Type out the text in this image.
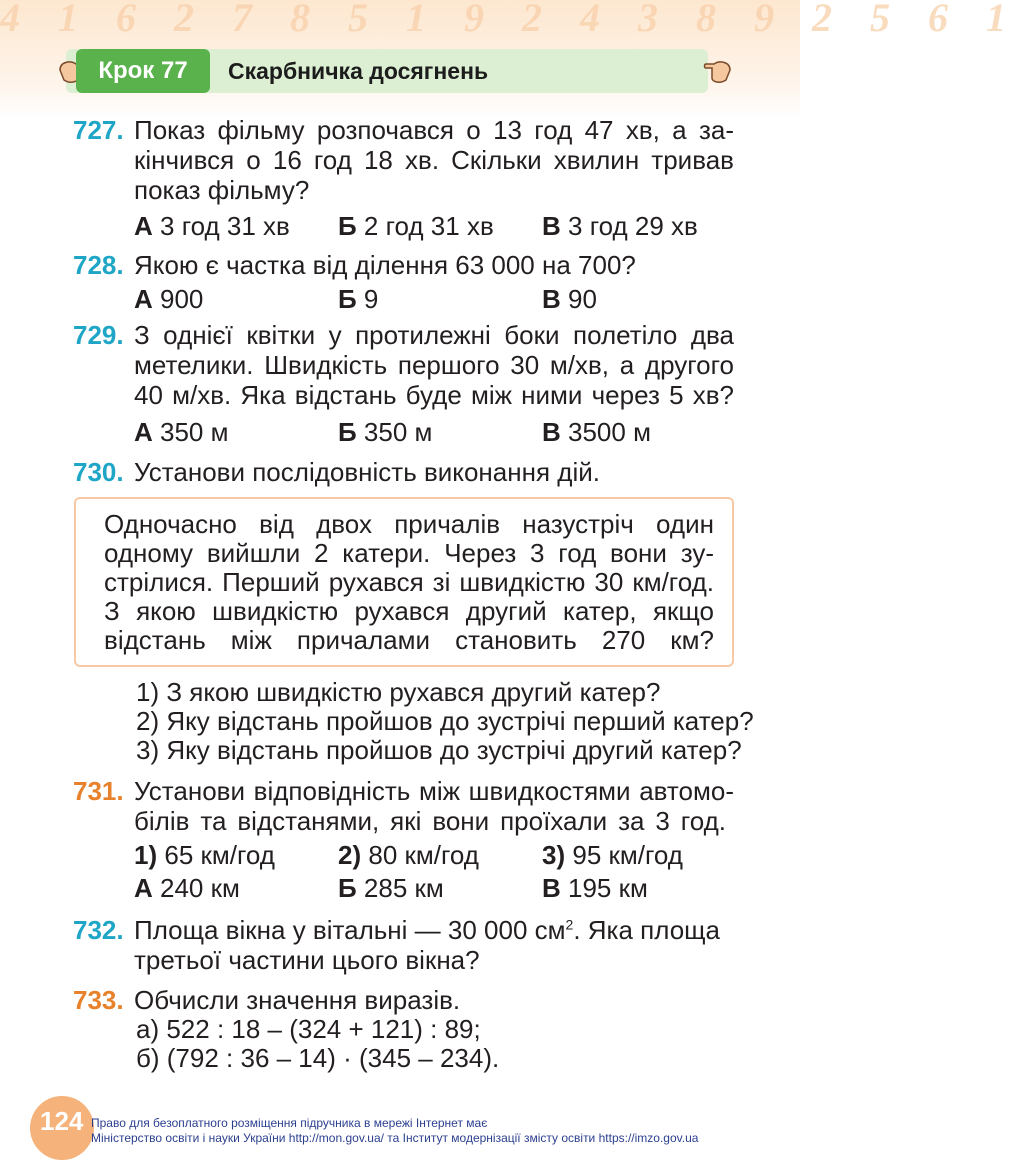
4 1 6 2 7 8 5 1 9 2 4 3 8 9 2 5 6 1
Крок 77	Скарбничка досягнень
727. Показ фільму розпочався о 13 год 47 хв, а за-
кінчився о 16 год 18 хв. Скільки хвилин тривав
показ фільму?
А 3 год 31 хв Б 2 год 31 хв В 3 год 29 хв
728. Якою є частка від ділення 63 000 на 700?
А 900	Б 9	В 90
729. З однієї квітки у протилежні боки полетіло два
метелики. Швидкість першого 30 м/хв, а другого
40 м/хв. Яка відстань буде між ними через 5 хв?
А 350 м	Б 350 м	В 3500 м
730. Установи послідовність виконання дій.
Одночасно від двох причалів назустріч один
одному вийшли 2 катери. Через 3 год вони зу-
стрілися. Перший рухався зі швидкістю 30 км/год.
З якою швидкістю рухався другий катер, якщо
відстань між причалами становить 270 км?
1) З якою швидкістю рухався другий катер?
2) Яку відстань пройшов до зустрічі перший катер?
3) Яку відстань пройшов до зустрічі другий катер?
731. Установи відповідність між швидкостями автомо-
білів та відстанями, які вони проїхали за 3 год.
1) 65 км/год 2) 80 км/год 3) 95 км/год
А 240 км	Б 285 км	В 195 км
732. Площа вікна у вітальні — 30 000 $см^2$. Яка площа
третьої частини цього вікна?
733. Обчисли значення виразів.
а) 522 : 18 – (324 + 121) : 89;
б) (792 : 36 – 14) · (345 – 234).
124 Право для безоплатного розміщення підручника в мережі Інтернет має
Міністерство освіти і науки України http://mon.gov.ua/ та Інститут модернізації змісту освіти https://imzo.gov.ua
